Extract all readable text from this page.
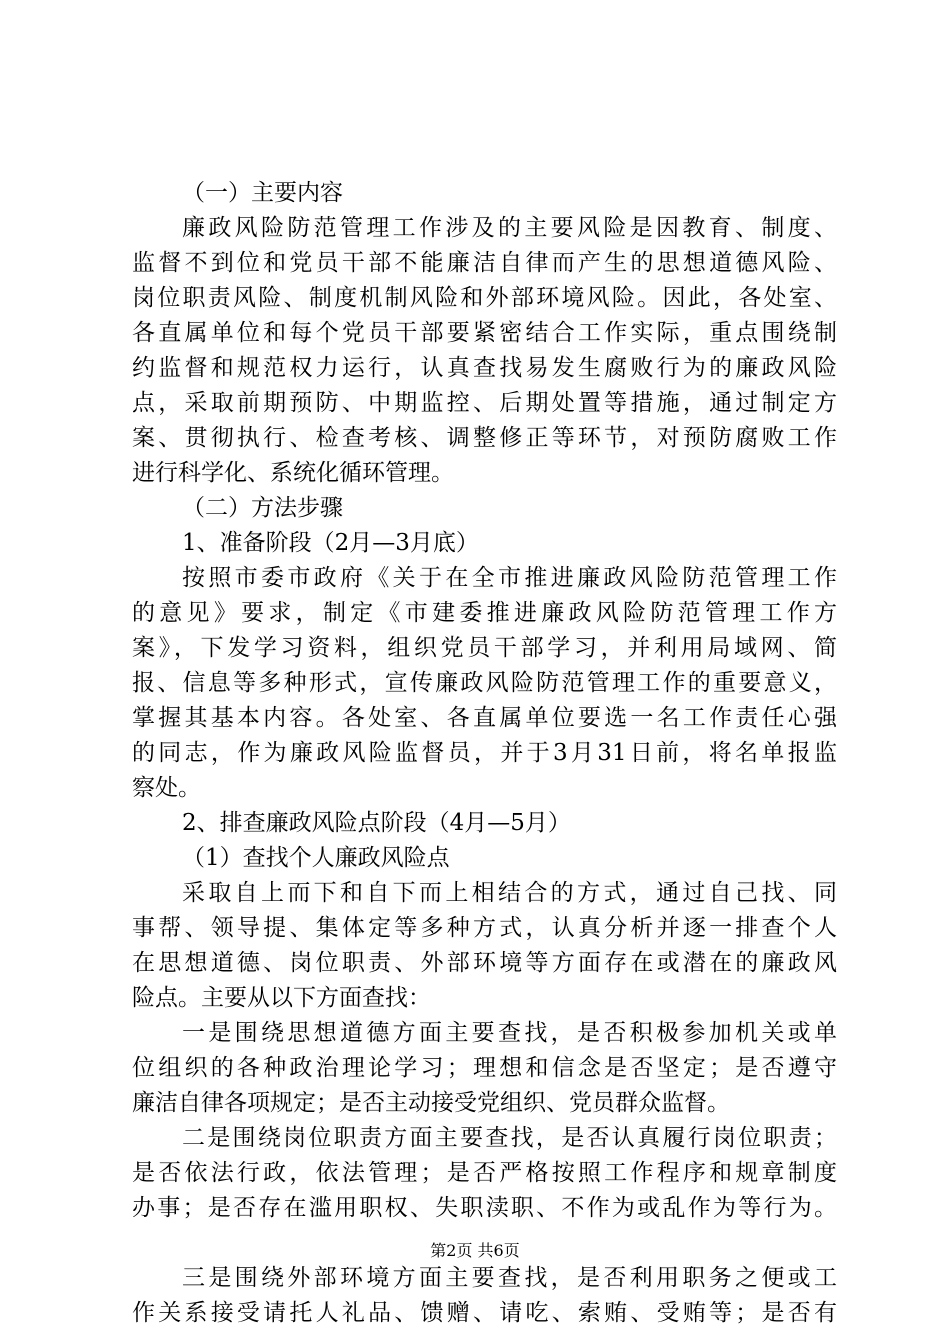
（一）主要内容
廉政风险防范管理工作涉及的主要风险是因教育、制度、
监督不到位和党员干部不能廉洁自律而产生的思想道德风险、
岗位职责风险、制度机制风险和外部环境风险。因此，各处室、
各直属单位和每个党员干部要紧密结合工作实际，重点围绕制
约监督和规范权力运行，认真查找易发生腐败行为的廉政风险
点，采取前期预防、中期监控、后期处置等措施，通过制定方
案、贯彻执行、检查考核、调整修正等环节，对预防腐败工作
进行科学化、系统化循环管理。
（二）方法步骤
1、准备阶段（2月—3月底）
按照市委市政府《关于在全市推进廉政风险防范管理工作
的意见》要求，制定《市建委推进廉政风险防范管理工作方
案》，下发学习资料，组织党员干部学习，并利用局域网、简
报、信息等多种形式，宣传廉政风险防范管理工作的重要意义，
掌握其基本内容。各处室、各直属单位要选一名工作责任心强
的同志，作为廉政风险监督员，并于3月31日前，将名单报监
察处。
2、排查廉政风险点阶段（4月—5月）
（1）查找个人廉政风险点
采取自上而下和自下而上相结合的方式，通过自己找、同
事帮、领导提、集体定等多种方式，认真分析并逐一排查个人
在思想道德、岗位职责、外部环境等方面存在或潜在的廉政风
险点。主要从以下方面查找：
一是围绕思想道德方面主要查找，是否积极参加机关或单
位组织的各种政治理论学习；理想和信念是否坚定；是否遵守
廉洁自律各项规定；是否主动接受党组织、党员群众监督。
二是围绕岗位职责方面主要查找，是否认真履行岗位职责；
是否依法行政，依法管理；是否严格按照工作程序和规章制度
办事；是否存在滥用职权、失职渎职、不作为或乱作为等行为。
三是围绕外部环境方面主要查找，是否利用职务之便或工
作关系接受请托人礼品、馈赠、请吃、索贿、受贿等；是否有
第2页 共6页
